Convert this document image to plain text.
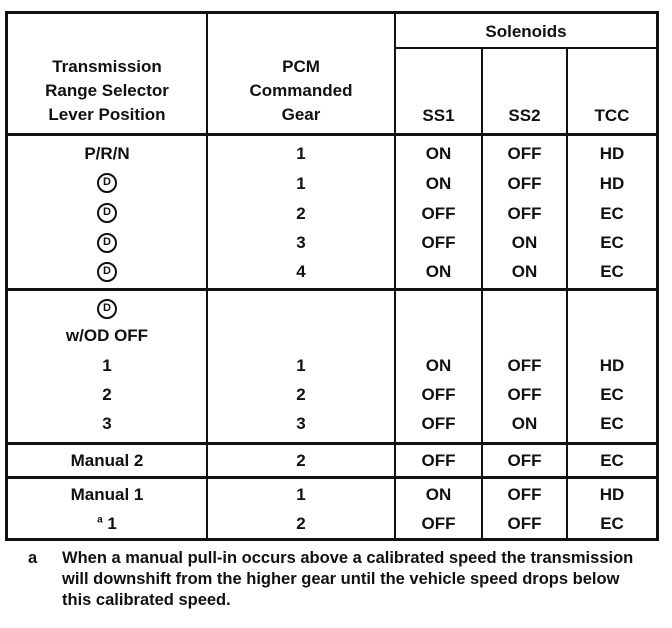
Transmission
Range Selector
Lever Position
PCM
Commanded
Gear
Solenoids
SS1	SS2	TCC
P/R/N	1	ON	OFF	HD
D	1	ON	OFF	HD
D	2	OFF	OFF	EC
D	3	OFF	ON	EC
D	4	ON	ON	EC
D
w/OD OFF
1	1	ON	OFF	HD
2	2	OFF	OFF	EC
3	3	OFF	ON	EC
Manual 2	2	OFF	OFF	EC
Manual 1	1	ON	OFF	HD
$^a$ 1	2	OFF	OFF	EC
a When a manual pull-in occurs above a calibrated speed the transmission will downshift from the higher gear until the vehicle speed drops below this calibrated speed.
